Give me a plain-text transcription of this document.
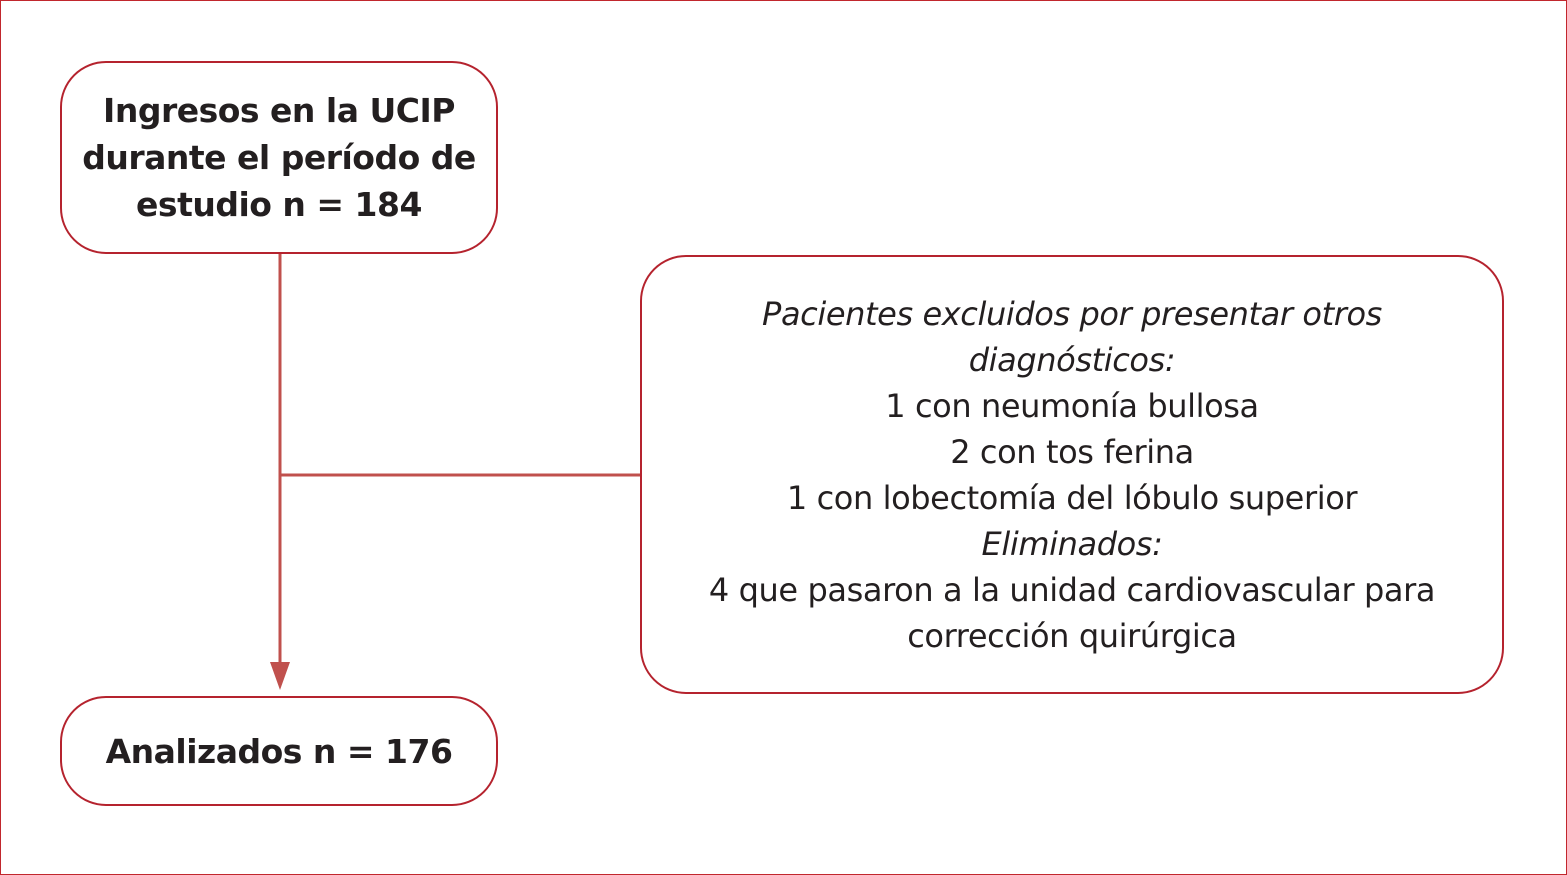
Ingresos en la UCIP
durante el período de
estudio n = 184
Pacientes excluidos por presentar otros
diagnósticos:
1 con neumonía bullosa
2 con tos ferina
1 con lobectomía del lóbulo superior
Eliminados:
4 que pasaron a la unidad cardiovascular para
corrección quirúrgica
Analizados n = 176
